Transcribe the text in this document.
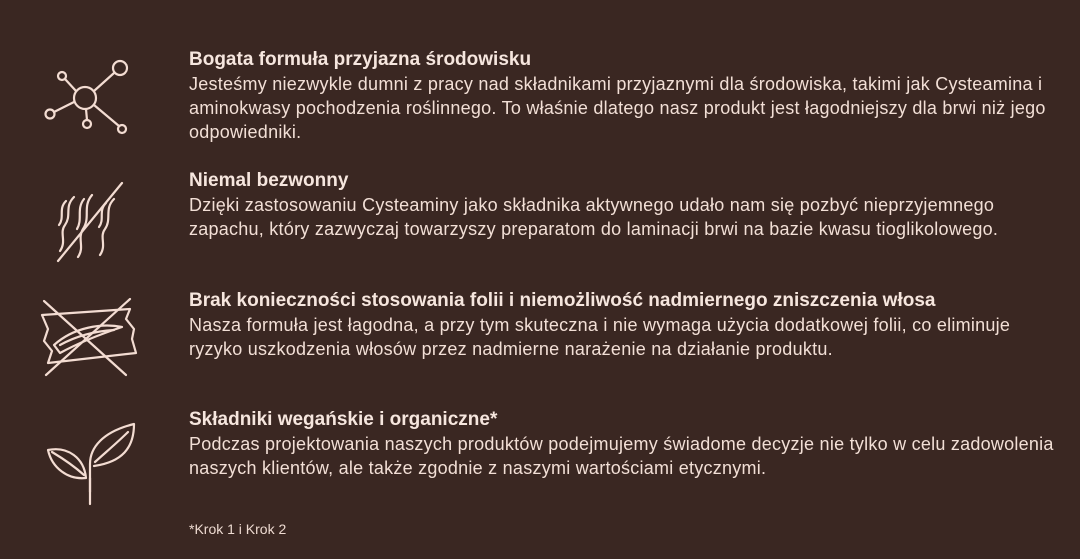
Bogata formuła przyjazna środowisku

Jesteśmy niezwykle dumni z pracy nad składnikami przyjaznymi dla środowiska, takimi jak Cysteamina i aminokwasy pochodzenia roślinnego. To właśnie dlatego nasz produkt jest łagodniejszy dla brwi niż jego odpowiedniki.

Niemal bezwonny

Dzięki zastosowaniu Cysteaminy jako składnika aktywnego udało nam się pozbyć nieprzyjemnego zapachu, który zazwyczaj towarzyszy preparatom do laminacji brwi na bazie kwasu tioglikolowego.

Brak konieczności stosowania folii i niemożliwość nadmiernego zniszczenia włosa

Nasza formuła jest łagodna, a przy tym skuteczna i nie wymaga użycia dodatkowej folii, co eliminuje ryzyko uszkodzenia włosów przez nadmierne narażenie na działanie produktu.

Składniki wegańskie i organiczne*

Podczas projektowania naszych produktów podejmujemy świadome decyzje nie tylko w celu zadowolenia naszych klientów, ale także zgodnie z naszymi wartościami etycznymi.

*Krok 1 i Krok 2
